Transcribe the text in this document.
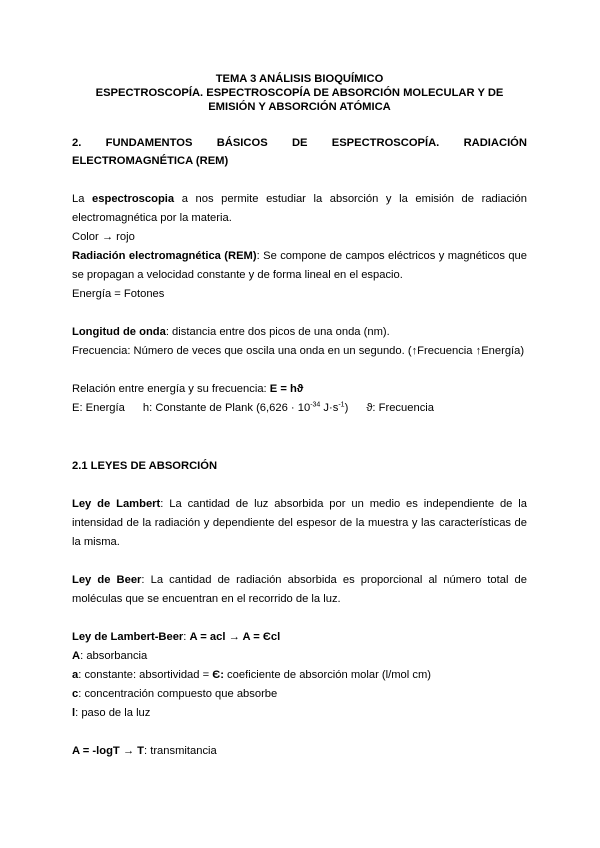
TEMA 3 ANÁLISIS BIOQUÍMICO
ESPECTROSCOPÍA. ESPECTROSCOPÍA DE ABSORCIÓN MOLECULAR Y DE
EMISIÓN Y ABSORCIÓN ATÓMICA
2. FUNDAMENTOS BÁSICOS DE ESPECTROSCOPÍA. RADIACIÓN
ELECTROMAGNÉTICA (REM)
La espectroscopia a nos permite estudiar la absorción y la emisión de radiación
electromagnética por la materia.
Color → rojo
Radiación electromagnética (REM): Se compone de campos eléctricos y magnéticos que
se propagan a velocidad constante y de forma lineal en el espacio.
Energía = Fotones
Longitud de onda: distancia entre dos picos de una onda (nm).
Frecuencia: Número de veces que oscila una onda en un segundo. (↑Frecuencia ↑Energía)
Relación entre energía y su frecuencia: E = hϑ
E: Energía h: Constante de Plank ($6,626 \cdot 10^{-34}$ $J\cdot s^{-1}$) ϑ: Frecuencia
2.1 LEYES DE ABSORCIÓN
Ley de Lambert: La cantidad de luz absorbida por un medio es independiente de la
intensidad de la radiación y dependiente del espesor de la muestra y las características de
la misma.
Ley de Beer: La cantidad de radiación absorbida es proporcional al número total de
moléculas que se encuentran en el recorrido de la luz.
Ley de Lambert-Beer: A = acl → A = Єcl
A: absorbancia
a: constante: absortividad = Є: coeficiente de absorción molar (l/mol cm)
c: concentración compuesto que absorbe
l: paso de la luz
A = -logT → T: transmitancia
